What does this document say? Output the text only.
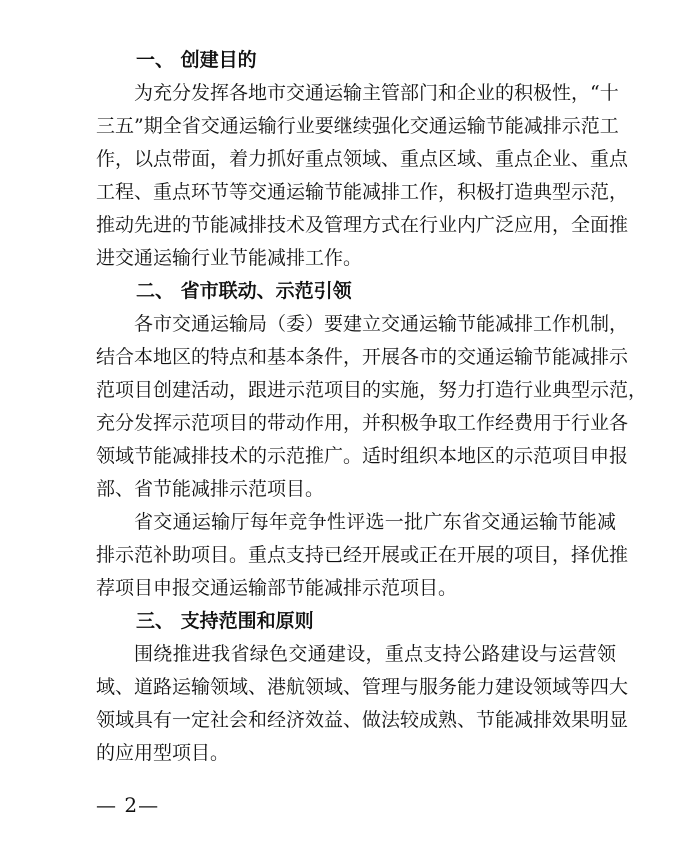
一、 创建目的
为充分发挥各地市交通运输主管部门和企业的积极性，“十
三五”期全省交通运输行业要继续强化交通运输节能减排示范工
作，以点带面，着力抓好重点领域、重点区域、重点企业、重点
工程、重点环节等交通运输节能减排工作，积极打造典型示范，
推动先进的节能减排技术及管理方式在行业内广泛应用，全面推
进交通运输行业节能减排工作。
二、 省市联动、示范引领
各市交通运输局（委）要建立交通运输节能减排工作机制，
结合本地区的特点和基本条件，开展各市的交通运输节能减排示
范项目创建活动，跟进示范项目的实施，努力打造行业典型示范，
充分发挥示范项目的带动作用，并积极争取工作经费用于行业各
领域节能减排技术的示范推广。适时组织本地区的示范项目申报
部、省节能减排示范项目。
省交通运输厅每年竞争性评选一批广东省交通运输节能减
排示范补助项目。重点支持已经开展或正在开展的项目，择优推
荐项目申报交通运输部节能减排示范项目。
三、 支持范围和原则
围绕推进我省绿色交通建设，重点支持公路建设与运营领
域、道路运输领域、港航领域、管理与服务能力建设领域等四大
领域具有一定社会和经济效益、做法较成熟、节能减排效果明显
的应用型项目。
— 2—
